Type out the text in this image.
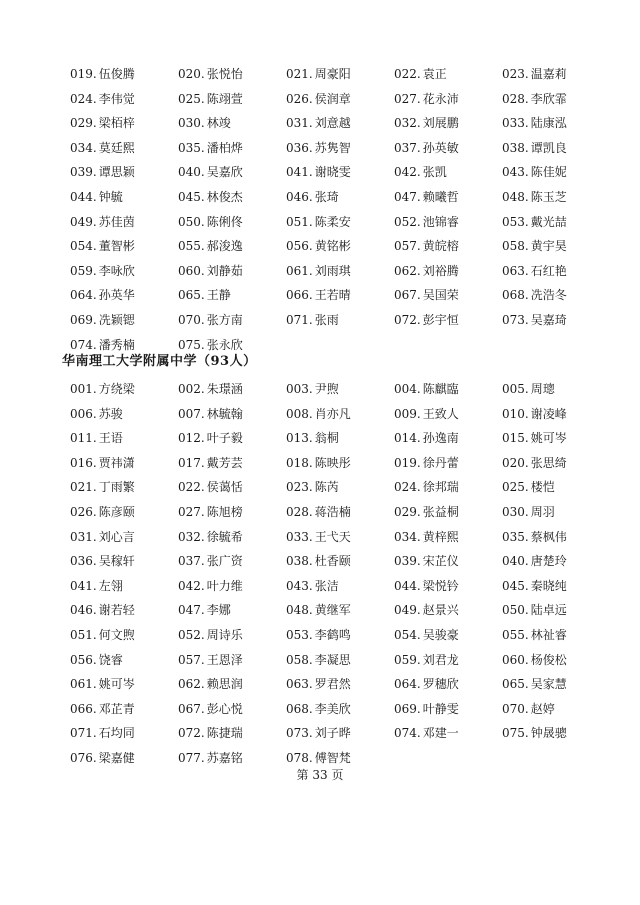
019. 伍俊腾	020. 张悦怡	021. 周豪阳	022. 袁正	023. 温嘉莉
024. 李伟觉	025. 陈翊萱	026. 侯润章	027. 花永沛	028. 李欣霏
029. 梁栢梓	030. 林竣	031. 刘意越	032. 刘展鹏	033. 陆康泓
034. 莫廷熙	035. 潘柏烨	036. 苏隽智	037. 孙英敏	038. 谭凯良
039. 谭思颖	040. 吴嘉欣	041. 谢晓雯	042. 张凯	043. 陈佳妮
044. 钟毓	045. 林俊杰	046. 张琦	047. 赖曦哲	048. 陈玉芝
049. 苏佳茵	050. 陈俐佟	051. 陈柔安	052. 池锦睿	053. 戴光喆
054. 董智彬	055. 郝浚逸	056. 黄铭彬	057. 黄皖榕	058. 黄宇昊
059. 李咏欣	060. 刘静茹	061. 刘雨琪	062. 刘裕腾	063. 石红艳
064. 孙英华	065. 王静	066. 王若晴	067. 吴国荣	068. 冼浩冬
069. 冼颖锶	070. 张方南	071. 张雨	072. 彭宇恒	073. 吴嘉琦
074. 潘秀楠	075. 张永欣
华南理工大学附属中学（93人）
001. 方绕梁	002. 朱璟涵	003. 尹煦	004. 陈麒臨	005. 周璁
006. 苏骏	007. 林毓翰	008. 肖亦凡	009. 王致人	010. 谢凌峰
011. 王语	012. 叶子毅	013. 翁桐	014. 孙逸南	015. 姚可岑
016. 贾祎潇	017. 戴芳芸	018. 陈映彤	019. 徐丹蕾	020. 张思绮
021. 丁雨繁	022. 侯蔼恬	023. 陈芮	024. 徐邦瑞	025. 楼恺
026. 陈彦颐	027. 陈旭榜	028. 蒋浩楠	029. 张益桐	030. 周羽
031. 刘心言	032. 徐毓希	033. 王弋天	034. 黄梓熙	035. 蔡枫伟
036. 吴稼轩	037. 张广资	038. 杜香颐	039. 宋芷仪	040. 唐楚玲
041. 左翎	042. 叶力维	043. 张洁	044. 梁悦钤	045. 秦晓纯
046. 谢若轻	047. 李娜	048. 黄继军	049. 赵景兴	050. 陆卓远
051. 何文煦	052. 周诗乐	053. 李鹤鸣	054. 吴骏豪	055. 林祉睿
056. 饶睿	057. 王恩泽	058. 李凝思	059. 刘君龙	060. 杨俊松
061. 姚可岑	062. 赖思润	063. 罗君然	064. 罗穗欣	065. 吴家慧
066. 邓芷青	067. 彭心悦	068. 李美欣	069. 叶静雯	070. 赵婷
071. 石均同	072. 陈捷瑞	073. 刘子晔	074. 邓建一	075. 钟晟骢
076. 梁嘉健	077. 苏嘉铭	078. 傅智梵
第 33 页
